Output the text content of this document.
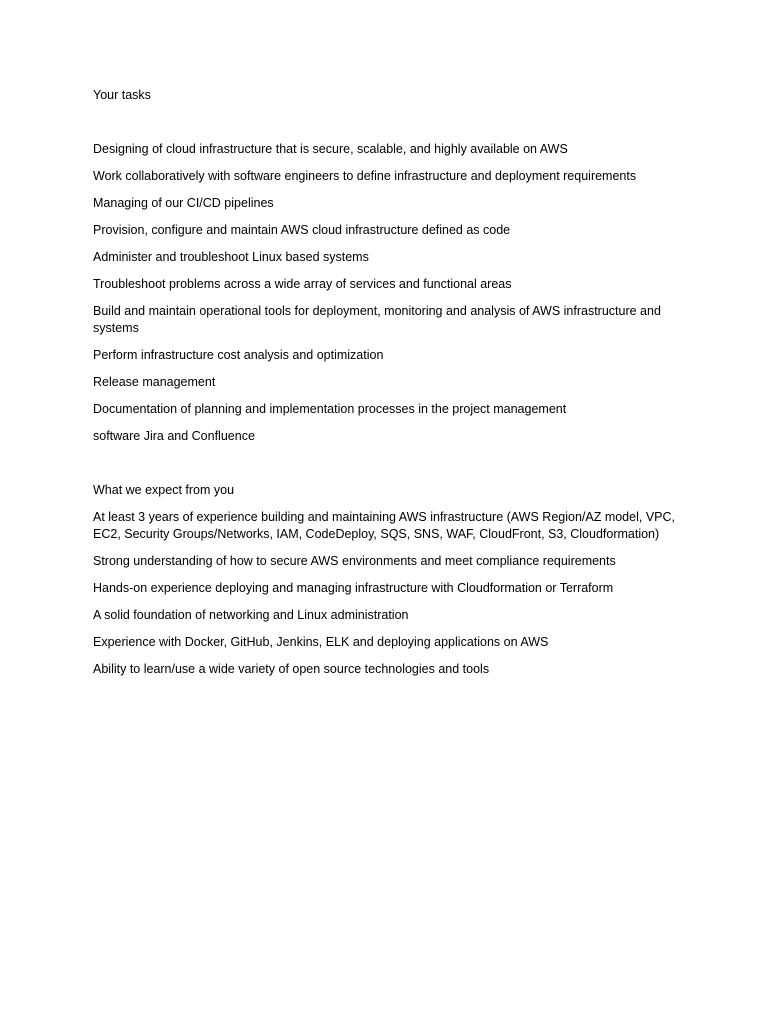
Your tasks

Designing of cloud infrastructure that is secure, scalable, and highly available on AWS
Work collaboratively with software engineers to define infrastructure and deployment requirements
Managing of our CI/CD pipelines
Provision, configure and maintain AWS cloud infrastructure defined as code
Administer and troubleshoot Linux based systems
Troubleshoot problems across a wide array of services and functional areas
Build and maintain operational tools for deployment, monitoring and analysis of AWS infrastructure and systems
Perform infrastructure cost analysis and optimization
Release management
Documentation of planning and implementation processes in the project management
software Jira and Confluence

What we expect from you

At least 3 years of experience building and maintaining AWS infrastructure (AWS Region/AZ model, VPC, EC2, Security Groups/Networks, IAM, CodeDeploy, SQS, SNS, WAF, CloudFront, S3, Cloudformation)
Strong understanding of how to secure AWS environments and meet compliance requirements
Hands-on experience deploying and managing infrastructure with Cloudformation or Terraform
A solid foundation of networking and Linux administration
Experience with Docker, GitHub, Jenkins, ELK and deploying applications on AWS
Ability to learn/use a wide variety of open source technologies and tools
